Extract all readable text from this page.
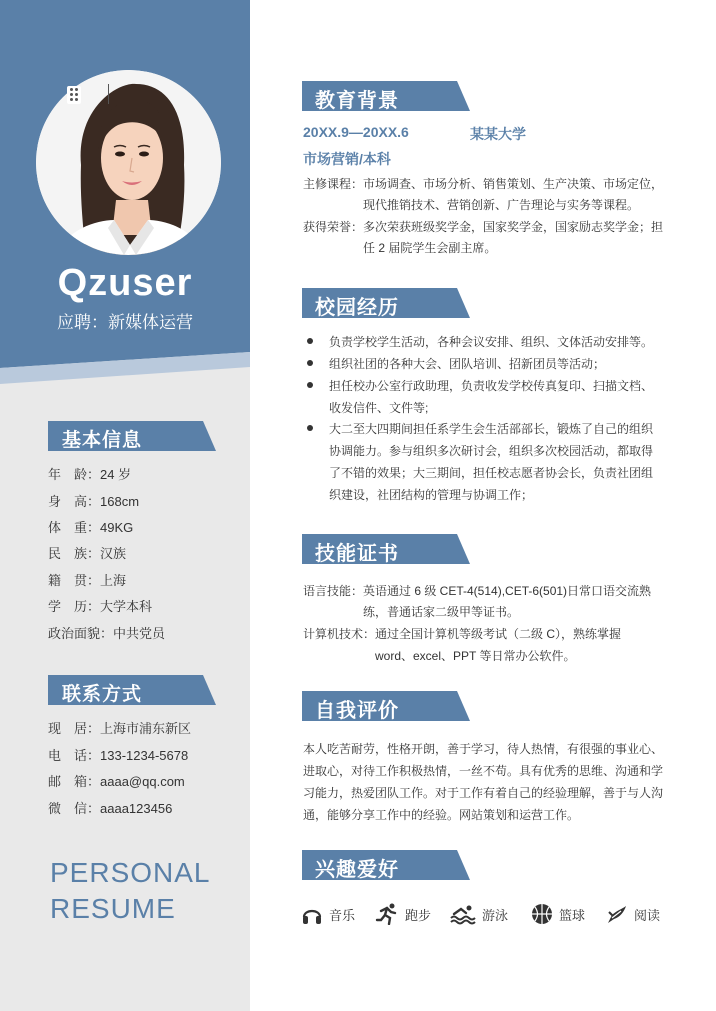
Qzuser
应聘：新媒体运营
基本信息
年　龄：24 岁
身　高：168cm
体　重：49KG
民　族：汉族
籍　贯：上海
学　历：大学本科
政治面貌：中共党员
联系方式
现　居：上海市浦东新区
电　话：133-1234-5678
邮　箱：aaaa@qq.com
微　信：aaaa123456
PERSONAL
RESUME
教育背景
20XX.9—20XX.6	某某大学
市场营销/本科
主修课程： 市场调查、市场分析、销售策划、生产决策、市场定位，
现代推销技术、营销创新、广告理论与实务等课程。
获得荣誉： 多次荣获班级奖学金，国家奖学金，国家励志奖学金；担
任 2 届院学生会副主席。
校园经历
负责学校学生活动，各种会议安排、组织、文体活动安排等。
组织社团的各种大会、团队培训、招新团员等活动；
担任校办公室行政助理，负责收发学校传真复印、扫描文档、
收发信件、文件等;
大二至大四期间担任系学生会生活部部长，锻炼了自己的组织
协调能力。参与组织多次研讨会，组织多次校园活动，都取得
了不错的效果；大三期间，担任校志愿者协会长，负责社团组
织建设，社团结构的管理与协调工作；
技能证书
语言技能： 英语通过 6 级 CET-4(514),CET-6(501)日常口语交流熟
练，普通话家二级甲等证书。
计算机技术： 通过全国计算机等级考试（二级 C），熟练掌握
word、excel、PPT 等日常办公软件。
自我评价
本人吃苦耐劳，性格开朗，善于学习，待人热情，有很强的事业心、
进取心，对待工作积极热情，一丝不苟。具有优秀的思维、沟通和学
习能力，热爱团队工作。对于工作有着自己的经验理解，善于与人沟
通，能够分享工作中的经验。网站策划和运营工作。
兴趣爱好
音乐	跑步	游泳	篮球	阅读
